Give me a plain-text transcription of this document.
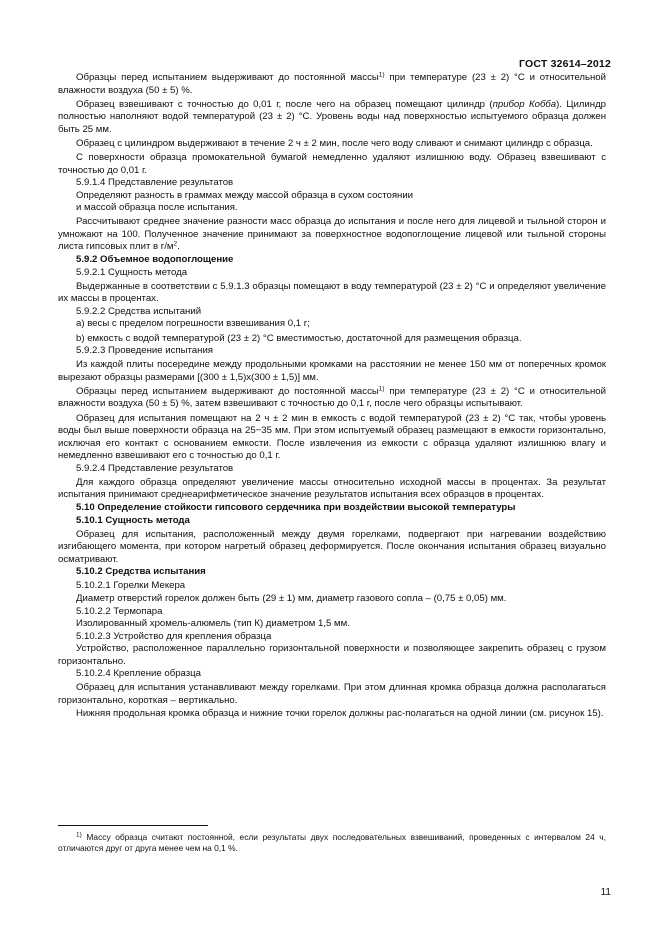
ГОСТ 32614–2012

Образцы перед испытанием выдерживают до постоянной массы$^{1)}$ при температуре (23 ± 2) °С и относительной влажности воздуха (50 ± 5) %.

Образец взвешивают с точностью до 0,01 г, после чего на образец помещают цилиндр (прибор Кобба). Цилиндр полностью наполняют водой температурой (23 ± 2) °С. Уровень воды над поверхностью испытуемого образца должен быть 25 мм.

Образец с цилиндром выдерживают в течение 2 ч ± 2 мин, после чего воду сливают и снимают цилиндр с образца.

С поверхности образца промокательной бумагой немедленно удаляют излишнюю воду. Образец взвешивают с точностью до 0,01 г.

5.9.1.4 Представление результатов

Определяют разность в граммах между массой образца в сухом состоянии

и массой образца после испытания.

Рассчитывают среднее значение разности масс образца до испытания и после него для лицевой и тыльной сторон и умножают на 100. Полученное значение принимают за поверхностное водопоглощение лицевой или тыльной стороны листа гипсовых плит в $г/м^2$.

5.9.2 Объемное водопоглощение

5.9.2.1 Сущность метода

Выдержанные в соответствии с 5.9.1.3 образцы помещают в воду температурой (23 ± 2) °С и определяют увеличение их массы в процентах.

5.9.2.2 Средства испытаний

а) весы с пределом погрешности взвешивания 0,1 г;

b) емкость с водой температурой (23 ± 2) °С вместимостью, достаточной для размещения образца.

5.9.2.3 Проведение испытания

Из каждой плиты посередине между продольными кромками на расстоянии не менее 150 мм от поперечных кромок вырезают образцы размерами [(300 ± 1,5)х(300 ± 1,5)] мм.

Образцы перед испытанием выдерживают до постоянной массы$^{1)}$ при температуре (23 ± 2) °С и относительной влажности воздуха (50 ± 5) %, затем взвешивают с точностью до 0,1 г, после чего образцы испытывают.

Образец для испытания помещают на 2 ч ± 2 мин в емкость с водой температурой (23 ± 2) °С так, чтобы уровень воды был выше поверхности образца на 25−35 мм. При этом испытуемый образец размещают в емкости горизонтально, исключая его контакт с основанием емкости. После извлечения из емкости с образца удаляют излишнюю влагу и немедленно взвешивают его с точностью до 0,1 г.

5.9.2.4 Представление результатов

Для каждого образца определяют увеличение массы относительно исходной массы в процентах. За результат испытания принимают среднеарифметическое значение результатов испытания всех образцов в процентах.

5.10 Определение стойкости гипсового сердечника при воздействии высокой температуры

5.10.1 Сущность метода

Образец для испытания, расположенный между двумя горелками, подвергают при нагревании воздействию изгибающего момента, при котором нагретый образец деформируется. После окончания испытания образец визуально осматривают.

5.10.2 Средства испытания

5.10.2.1 Горелки Мекера

Диаметр отверстий горелок должен быть (29 ± 1) мм, диаметр газового сопла – (0,75 ± 0,05) мм.

5.10.2.2 Термопара

Изолированный хромель-алюмель (тип К) диаметром 1,5 мм.

5.10.2.3 Устройство для крепления образца

Устройство, расположенное параллельно горизонтальной поверхности и позволяющее закрепить образец с грузом горизонтально.

5.10.2.4 Крепление образца

Образец для испытания устанавливают между горелками. При этом длинная кромка образца должна располагаться горизонтально, короткая – вертикально.

Нижняя продольная кромка образца и нижние точки горелок должны рас-полагаться на одной линии (см. рисунок 15).

$^{1)}$ Массу образца считают постоянной, если результаты двух последовательных взвешиваний, проведенных с интервалом 24 ч, отличаются друг от друга менее чем на 0,1 %.
11
